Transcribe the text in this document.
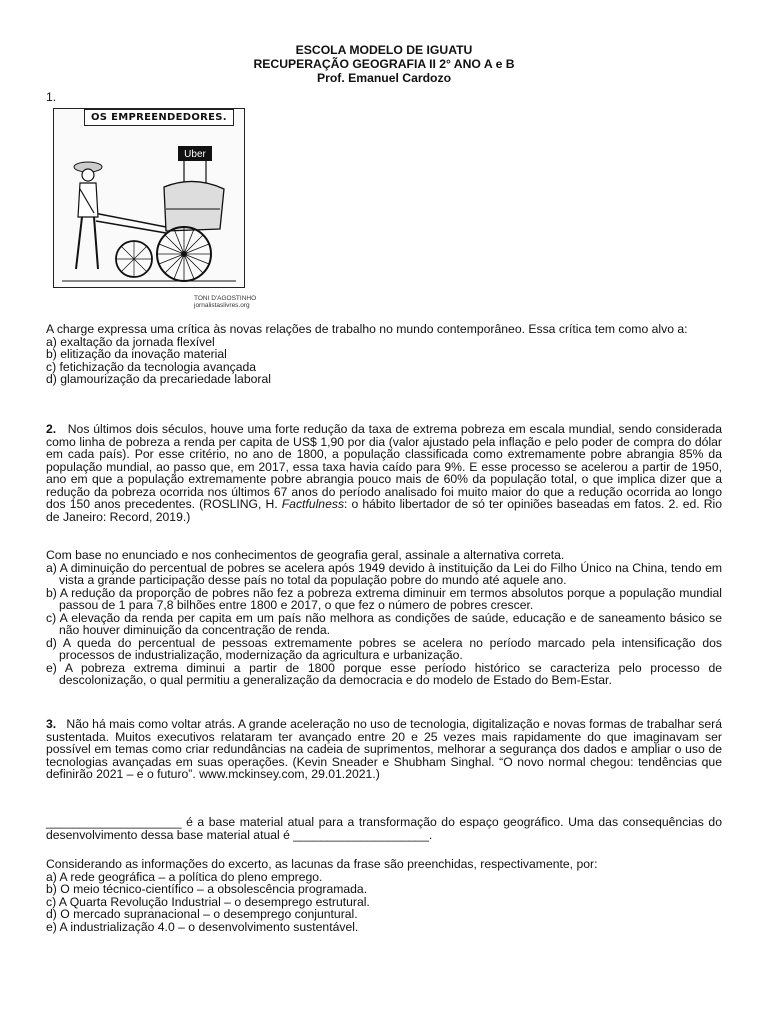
ESCOLA MODELO DE IGUATU
RECUPERAÇÃO GEOGRAFIA II 2° ANO A e B
Prof. Emanuel Cardozo
1.
OS EMPREENDEDORES.
Uber
TONI D'AGOSTINHO
jornalistaslivres.org

A charge expressa uma crítica às novas relações de trabalho no mundo contemporâneo. Essa crítica tem como alvo a:

a) exaltação da jornada flexível

b) elitização da inovação material

c) fetichização da tecnologia avançada

d) glamourização da precariedade laboral

2. Nos últimos dois séculos, houve uma forte redução da taxa de extrema pobreza em escala mundial, sendo considerada como linha de pobreza a renda per capita de US$ 1,90 por dia (valor ajustado pela inflação e pelo poder de compra do dólar em cada país). Por esse critério, no ano de 1800, a população classificada como extremamente pobre abrangia 85% da população mundial, ao passo que, em 2017, essa taxa havia caído para 9%. E esse processo se acelerou a partir de 1950, ano em que a população extremamente pobre abrangia pouco mais de 60% da população total, o que implica dizer que a redução da pobreza ocorrida nos últimos 67 anos do período analisado foi muito maior do que a redução ocorrida ao longo dos 150 anos precedentes. (ROSLING, H. Factfulness: o hábito libertador de só ter opiniões baseadas em fatos. 2. ed. Rio de Janeiro: Record, 2019.)

Com base no enunciado e nos conhecimentos de geografia geral, assinale a alternativa correta.

a) A diminuição do percentual de pobres se acelera após 1949 devido à instituição da Lei do Filho Único na China, tendo em vista a grande participação desse país no total da população pobre do mundo até aquele ano.

b) A redução da proporção de pobres não fez a pobreza extrema diminuir em termos absolutos porque a população mundial passou de 1 para 7,8 bilhões entre 1800 e 2017, o que fez o número de pobres crescer.

c) A elevação da renda per capita em um país não melhora as condições de saúde, educação e de saneamento básico se não houver diminuição da concentração de renda.

d) A queda do percentual de pessoas extremamente pobres se acelera no período marcado pela intensificação dos processos de industrialização, modernização da agricultura e urbanização.

e) A pobreza extrema diminui a partir de 1800 porque esse período histórico se caracteriza pelo processo de descolonização, o qual permitiu a generalização da democracia e do modelo de Estado do Bem-Estar.

3. Não há mais como voltar atrás. A grande aceleração no uso de tecnologia, digitalização e novas formas de trabalhar será sustentada. Muitos executivos relataram ter avançado entre 20 e 25 vezes mais rapidamente do que imaginavam ser possível em temas como criar redundâncias na cadeia de suprimentos, melhorar a segurança dos dados e ampliar o uso de tecnologias avançadas em suas operações. (Kevin Sneader e Shubham Singhal. “O novo normal chegou: tendências que definirão 2021 – e o futuro”. www.mckinsey.com, 29.01.2021.)

____________________ é a base material atual para a transformação do espaço geográfico. Uma das consequências do desenvolvimento dessa base material atual é ____________________.

Considerando as informações do excerto, as lacunas da frase são preenchidas, respectivamente, por:

a) A rede geográfica – a política do pleno emprego.

b) O meio técnico-científico – a obsolescência programada.

c) A Quarta Revolução Industrial – o desemprego estrutural.

d) O mercado supranacional – o desemprego conjuntural.

e) A industrialização 4.0 – o desenvolvimento sustentável.
